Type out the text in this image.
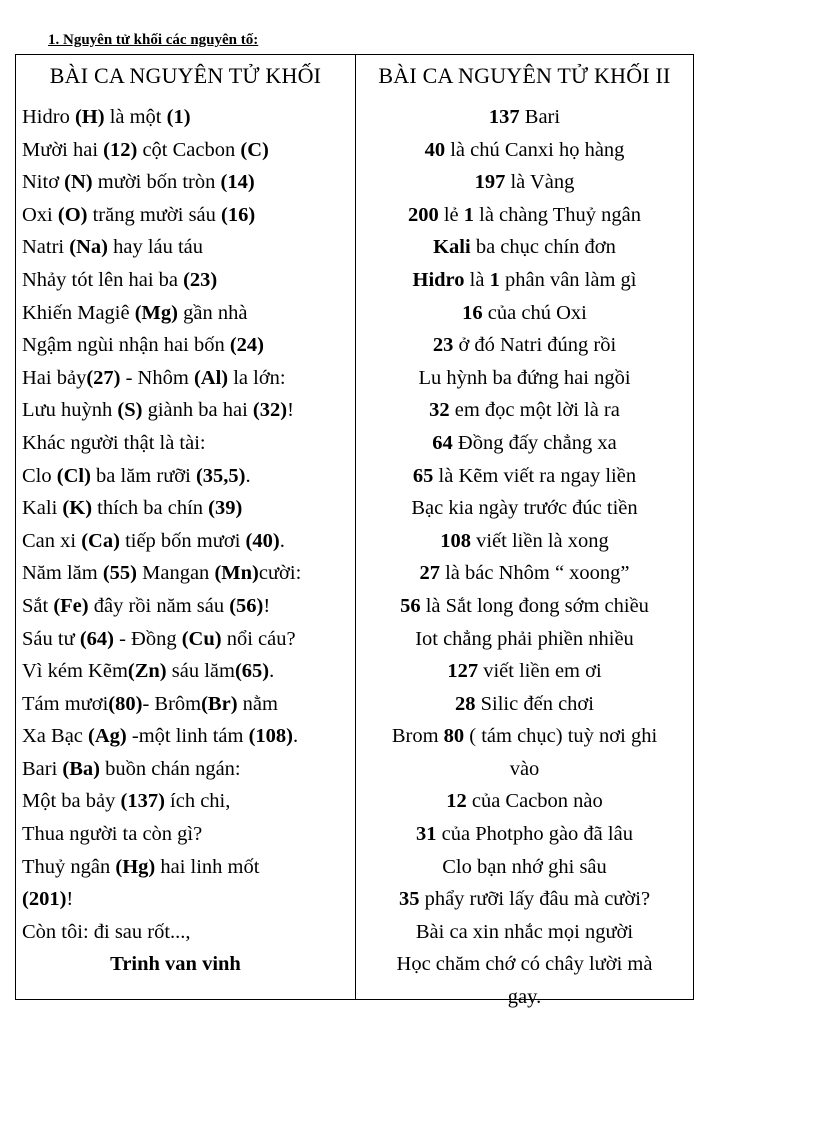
1. Nguyên tử khối các nguyên tố:
BÀI CA NGUYÊN TỬ KHỐI
Hidro (H) là một (1)
Mười hai (12) cột Cacbon (C)
Nitơ (N) mười bốn tròn (14)
Oxi (O) trăng mười sáu (16)
Natri (Na) hay láu táu
Nhảy tót lên hai ba (23)
Khiến Magiê (Mg) gần nhà
Ngậm ngùi nhận hai bốn (24)
Hai bảy(27) - Nhôm (Al) la lớn:
Lưu huỳnh (S) giành ba hai (32)!
Khác người thật là tài:
Clo (Cl) ba lăm rưỡi (35,5).
Kali (K) thích ba chín (39)
Can xi (Ca) tiếp bốn mươi (40).
Năm lăm (55) Mangan (Mn)cười:
Sắt (Fe) đây rồi năm sáu (56)!
Sáu tư (64) - Đồng (Cu) nổi cáu?
Vì kém Kẽm(Zn) sáu lăm(65).
Tám mươi(80)- Brôm(Br) nằm
Xa Bạc (Ag) -một linh tám (108).
Bari (Ba) buồn chán ngán:
Một ba bảy (137) ích chi,
Thua người ta còn gì?
Thuỷ ngân (Hg) hai linh mốt
(201)!
Còn tôi: đi sau rốt...,
Trinh van vinh
BÀI CA NGUYÊN TỬ KHỐI II
137 Bari
40 là chú Canxi họ hàng
197 là Vàng
200 lẻ 1 là chàng Thuỷ ngân
Kali ba chục chín đơn
Hidro là 1 phân vân làm gì
16 của chú Oxi
23 ở đó Natri đúng rồi
Lu hỳnh ba đứng hai ngồi
32 em đọc một lời là ra
64 Đồng đấy chẳng xa
65 là Kẽm viết ra ngay liền
Bạc kia ngày trước đúc tiền
108 viết liền là xong
27 là bác Nhôm “ xoong”
56 là Sắt long đong sớm chiều
Iot chẳng phải phiền nhiều
127 viết liền em ơi
28 Silic đến chơi
Brom 80 ( tám chục) tuỳ nơi ghi
vào
12 của Cacbon nào
31 của Photpho gào đã lâu
Clo bạn nhớ ghi sâu
35 phẩy rưỡi lấy đâu mà cười?
Bài ca xin nhắc mọi người
Học chăm chớ có chây lười mà
gay.
